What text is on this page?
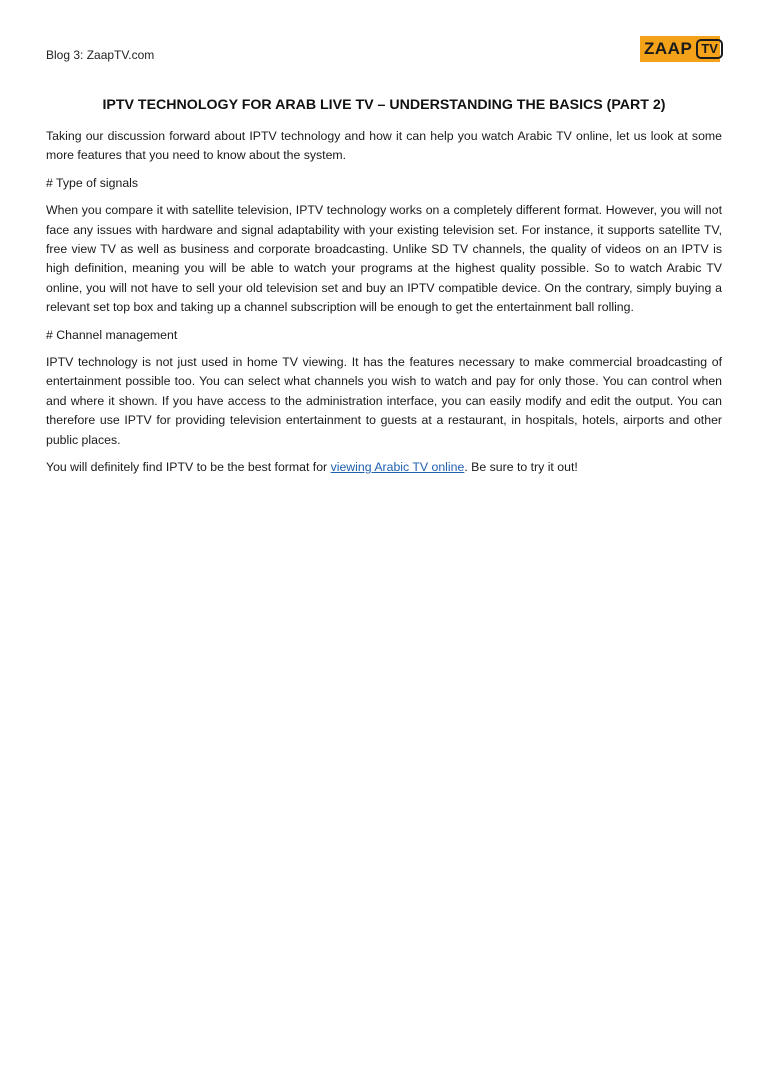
Blog 3: ZaapTV.com	ZAAP TV
IPTV TECHNOLOGY FOR ARAB LIVE TV – UNDERSTANDING THE BASICS (PART 2)

Taking our discussion forward about IPTV technology and how it can help you watch Arabic TV online, let us look at some more features that you need to know about the system.

# Type of signals

When you compare it with satellite television, IPTV technology works on a completely different format. However, you will not face any issues with hardware and signal adaptability with your existing television set. For instance, it supports satellite TV, free view TV as well as business and corporate broadcasting. Unlike SD TV channels, the quality of videos on an IPTV is high definition, meaning you will be able to watch your programs at the highest quality possible. So to watch Arabic TV online, you will not have to sell your old television set and buy an IPTV compatible device. On the contrary, simply buying a relevant set top box and taking up a channel subscription will be enough to get the entertainment ball rolling.

# Channel management

IPTV technology is not just used in home TV viewing. It has the features necessary to make commercial broadcasting of entertainment possible too. You can select what channels you wish to watch and pay for only those. You can control when and where it shown. If you have access to the administration interface, you can easily modify and edit the output. You can therefore use IPTV for providing television entertainment to guests at a restaurant, in hospitals, hotels, airports and other public places.

You will definitely find IPTV to be the best format for viewing Arabic TV online. Be sure to try it out!
